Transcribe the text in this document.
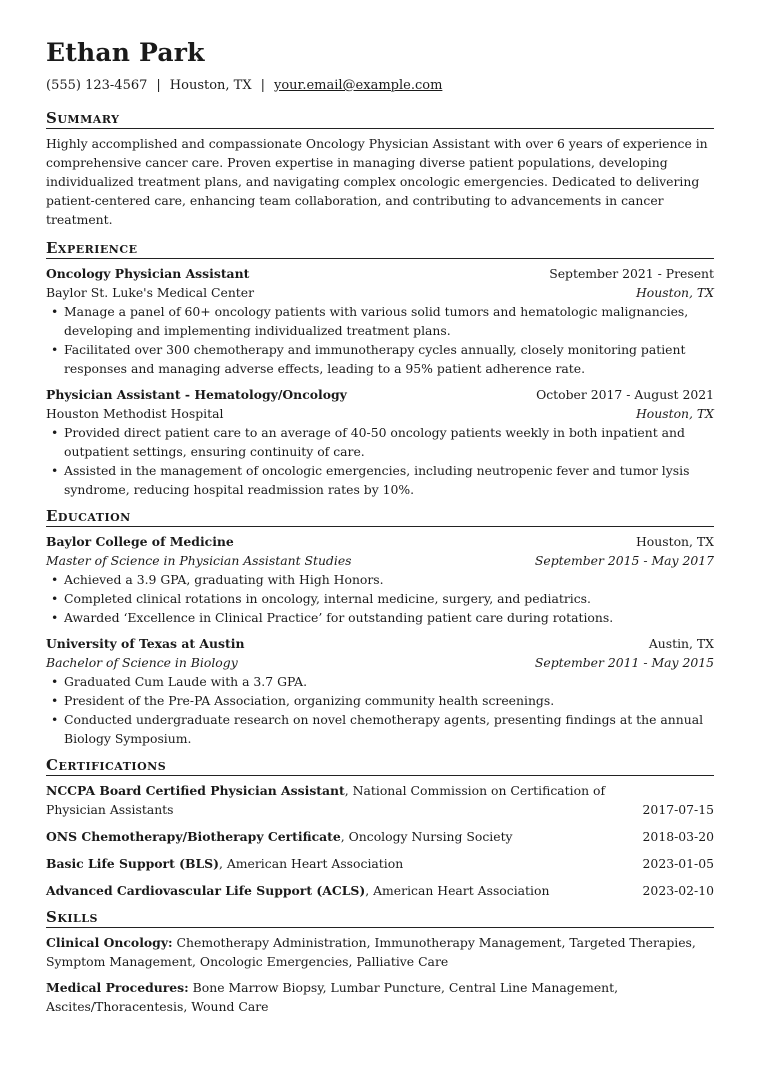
Ethan Park
(555) 123-4567 | Houston, TX | your.email@example.com
Summary

Highly accomplished and compassionate Oncology Physician Assistant with over 6 years of experience in comprehensive cancer care. Proven expertise in managing diverse patient populations, developing individualized treatment plans, and navigating complex oncologic emergencies. Dedicated to delivering patient-centered care, enhancing team collaboration, and contributing to advancements in cancer treatment.

Experience
Oncology Physician Assistant	September 2021 - Present
Baylor St. Luke's Medical Center	Houston, TX
• Manage a panel of 60+ oncology patients with various solid tumors and hematologic malignancies, developing and implementing individualized treatment plans.
• Facilitated over 300 chemotherapy and immunotherapy cycles annually, closely monitoring patient responses and managing adverse effects, leading to a 95% patient adherence rate.
Physician Assistant - Hematology/Oncology	October 2017 - August 2021
Houston Methodist Hospital	Houston, TX
• Provided direct patient care to an average of 40-50 oncology patients weekly in both inpatient and outpatient settings, ensuring continuity of care.
• Assisted in the management of oncologic emergencies, including neutropenic fever and tumor lysis syndrome, reducing hospital readmission rates by 10%.
Education
Baylor College of Medicine	Houston, TX
Master of Science in Physician Assistant Studies	September 2015 - May 2017
• Achieved a 3.9 GPA, graduating with High Honors.
• Completed clinical rotations in oncology, internal medicine, surgery, and pediatrics.
• Awarded ‘Excellence in Clinical Practice’ for outstanding patient care during rotations.
University of Texas at Austin	Austin, TX
Bachelor of Science in Biology	September 2011 - May 2015
• Graduated Cum Laude with a 3.7 GPA.
• President of the Pre-PA Association, organizing community health screenings.
• Conducted undergraduate research on novel chemotherapy agents, presenting findings at the annual Biology Symposium.
Certifications
NCCPA Board Certified Physician Assistant, National Commission on Certification of Physician Assistants	2017-07-15
ONS Chemotherapy/Biotherapy Certificate, Oncology Nursing Society	2018-03-20
Basic Life Support (BLS), American Heart Association	2023-01-05
Advanced Cardiovascular Life Support (ACLS), American Heart Association	2023-02-10
Skills
Clinical Oncology: Chemotherapy Administration, Immunotherapy Management, Targeted Therapies, Symptom Management, Oncologic Emergencies, Palliative Care
Medical Procedures: Bone Marrow Biopsy, Lumbar Puncture, Central Line Management, Ascites/Thoracentesis, Wound Care
